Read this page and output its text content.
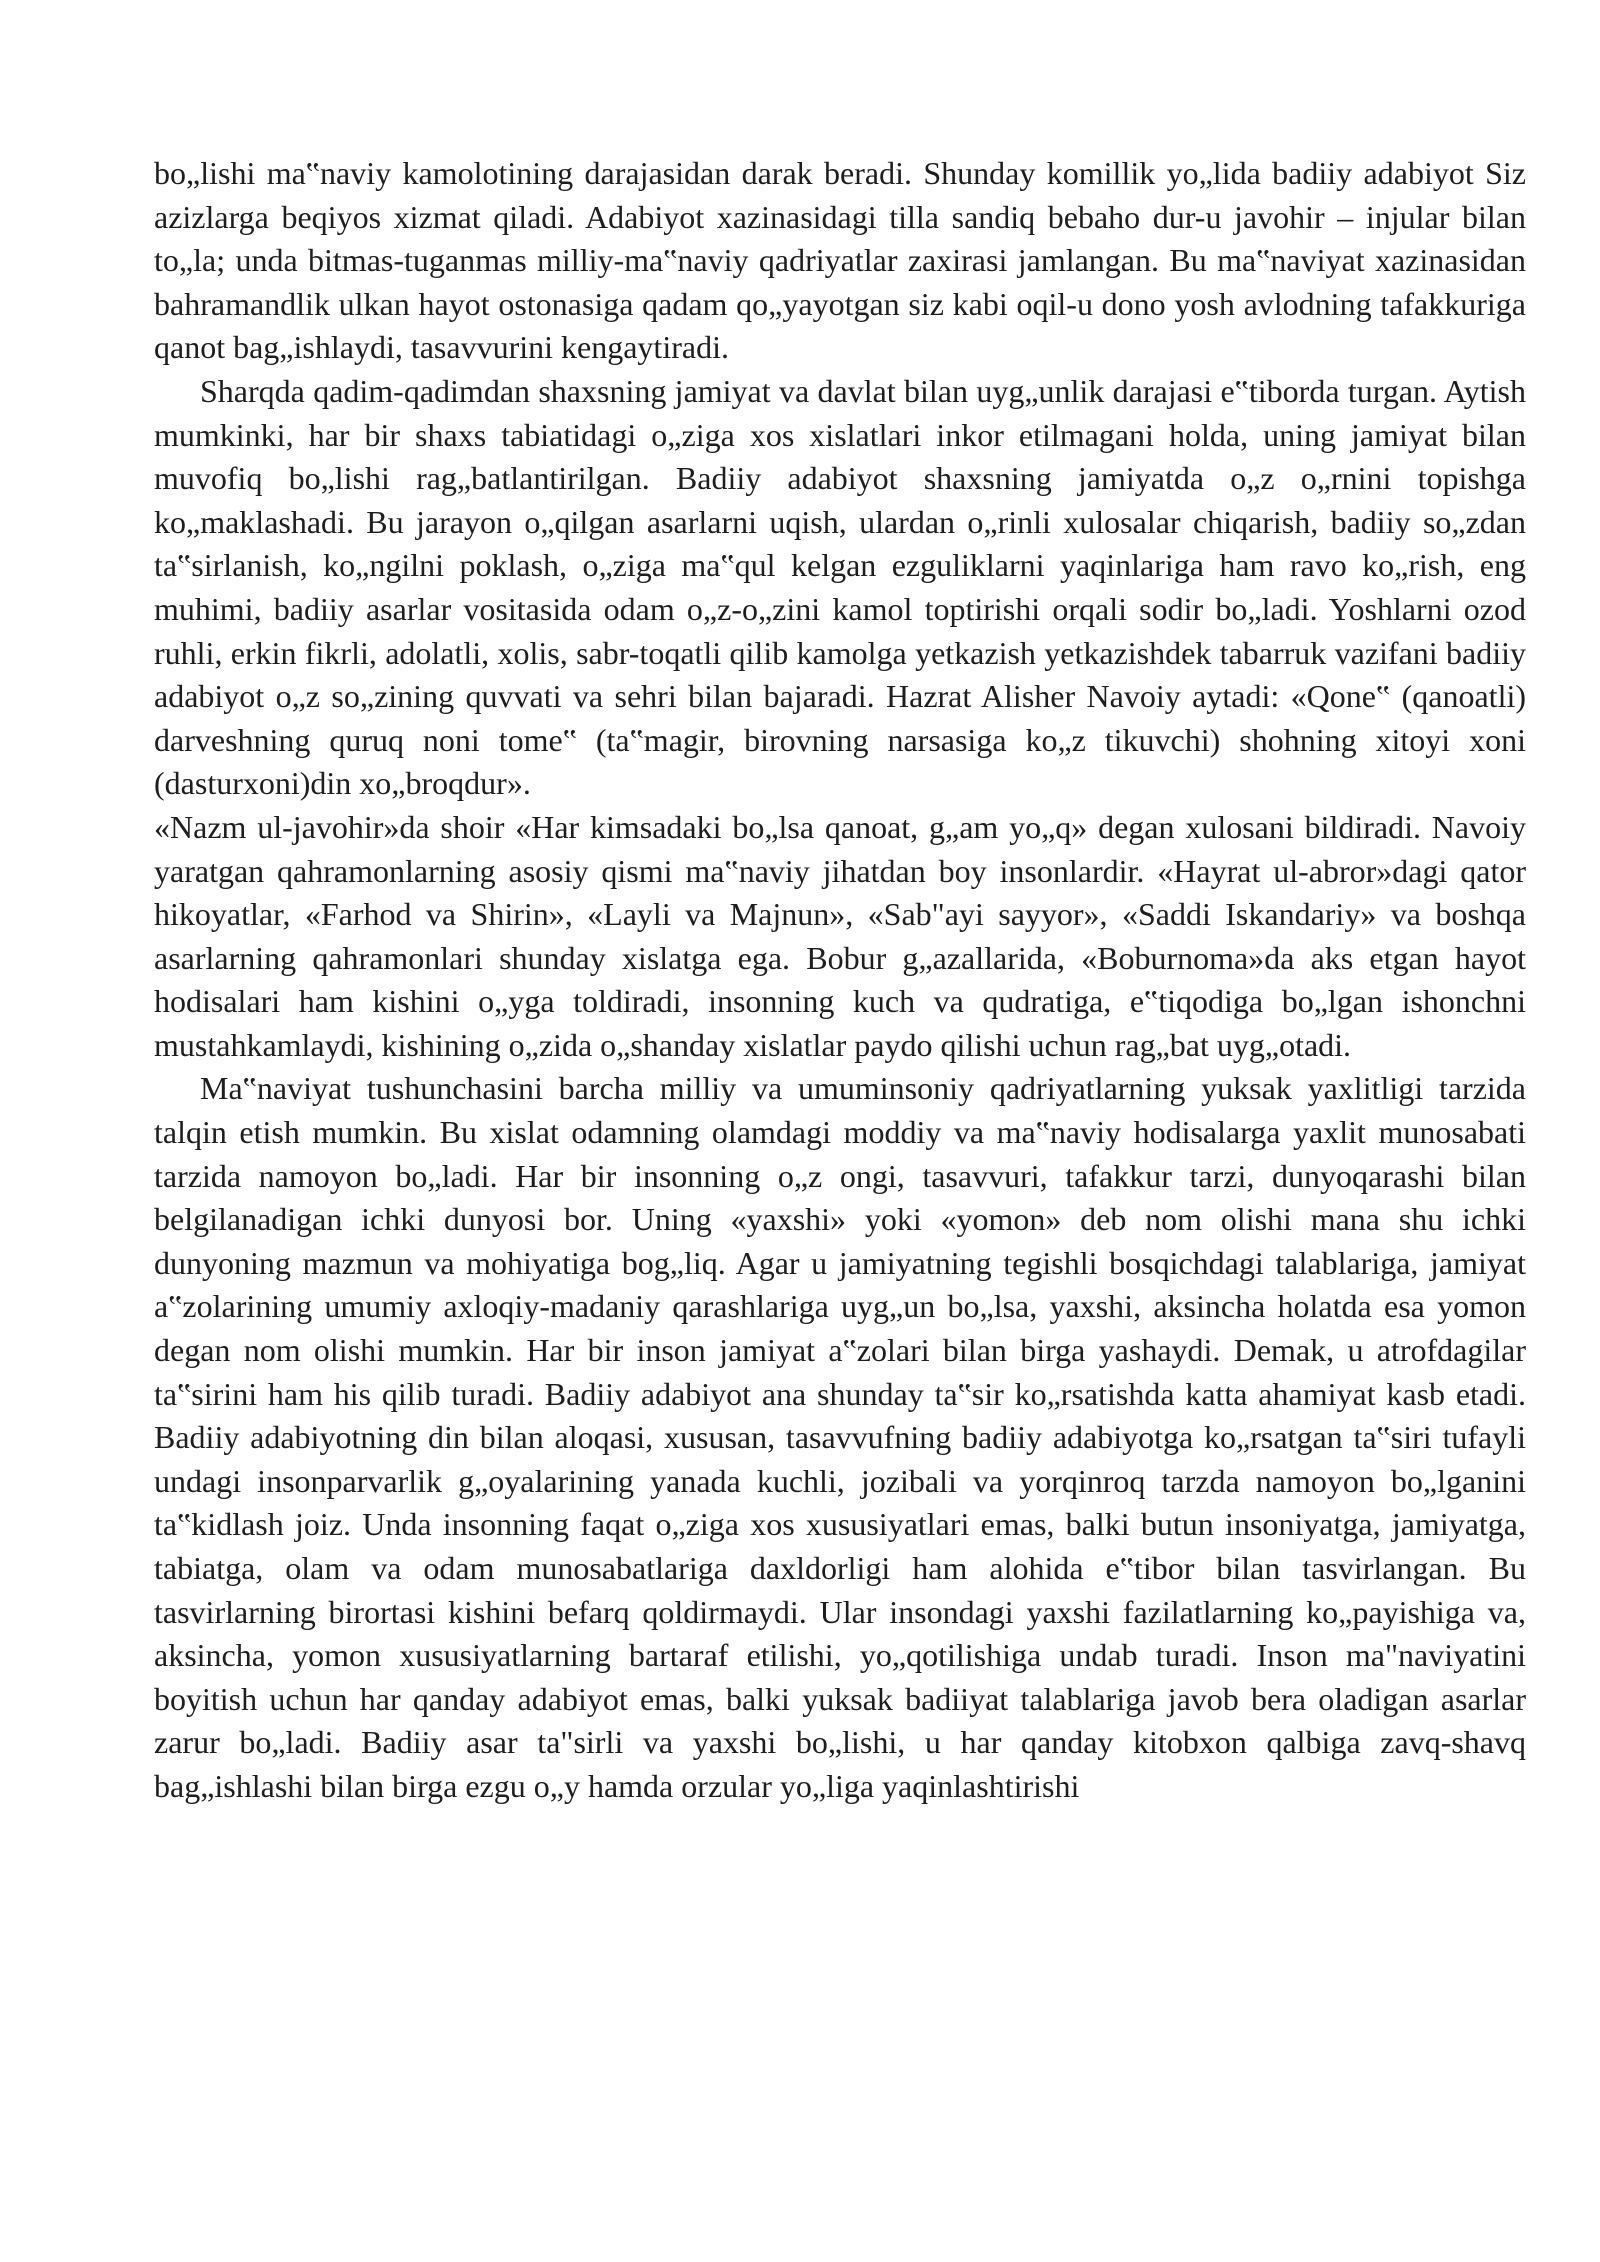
bo„lishi ma‟naviy kamolotining darajasidan darak beradi. Shunday komillik yo„lida badiiy adabiyot Siz azizlarga beqiyos xizmat qiladi. Adabiyot xazinasidagi tilla sandiq bebaho dur-u javohir – injular bilan to„la; unda bitmas-tuganmas milliy-ma‟naviy qadriyatlar zaxirasi jamlangan. Bu ma‟naviyat xazinasidan bahramandlik ulkan hayot ostonasiga qadam qo„yayotgan siz kabi oqil-u dono yosh avlodning tafakkuriga qanot bag„ishlaydi, tasavvurini kengaytiradi.

Sharqda qadim-qadimdan shaxsning jamiyat va davlat bilan uyg„unlik darajasi e‟tiborda turgan. Aytish mumkinki, har bir shaxs tabiatidagi o„ziga xos xislatlari inkor etilmagani holda, uning jamiyat bilan muvofiq bo„lishi rag„batlantirilgan. Badiiy adabiyot shaxsning jamiyatda o„z o„rnini topishga ko„maklashadi. Bu jarayon o„qilgan asarlarni uqish, ulardan o„rinli xulosalar chiqarish, badiiy so„zdan ta‟sirlanish, ko„ngilni poklash, o„ziga ma‟qul kelgan ezguliklarni yaqinlariga ham ravo ko„rish, eng muhimi, badiiy asarlar vositasida odam o„z-o„zini kamol toptirishi orqali sodir bo„ladi. Yoshlarni ozod ruhli, erkin fikrli, adolatli, xolis, sabr-toqatli qilib kamolga yetkazish yetkazishdek tabarruk vazifani badiiy adabiyot o„z so„zining quvvati va sehri bilan bajaradi. Hazrat Alisher Navoiy aytadi: «Qone‟ (qanoatli) darveshning quruq noni tome‟ (ta‟magir, birovning narsasiga ko„z tikuvchi) shohning xitoyi xoni (dasturxoni)din xo„broqdur».

«Nazm ul-javohir»da shoir «Har kimsadaki bo„lsa qanoat, g„am yo„q» degan xulosani bildiradi. Navoiy yaratgan qahramonlarning asosiy qismi ma‟naviy jihatdan boy insonlardir. «Hayrat ul-abror»dagi qator hikoyatlar, «Farhod va Shirin», «Layli va Majnun», «Sab"ayi sayyor», «Saddi Iskandariy» va boshqa asarlarning qahramonlari shunday xislatga ega. Bobur g„azallarida, «Boburnoma»da aks etgan hayot hodisalari ham kishini o„yga toldiradi, insonning kuch va qudratiga, e‟tiqodiga bo„lgan ishonchni mustahkamlaydi, kishining o„zida o„shanday xislatlar paydo qilishi uchun rag„bat uyg„otadi.

Ma‟naviyat tushunchasini barcha milliy va umuminsoniy qadriyatlarning yuksak yaxlitligi tarzida talqin etish mumkin. Bu xislat odamning olamdagi moddiy va ma‟naviy hodisalarga yaxlit munosabati tarzida namoyon bo„ladi. Har bir insonning o„z ongi, tasavvuri, tafakkur tarzi, dunyoqarashi bilan belgilanadigan ichki dunyosi bor. Uning «yaxshi» yoki «yomon» deb nom olishi mana shu ichki dunyoning mazmun va mohiyatiga bog„liq. Agar u jamiyatning tegishli bosqichdagi talablariga, jamiyat a‟zolarining umumiy axloqiy-madaniy qarashlariga uyg„un bo„lsa, yaxshi, aksincha holatda esa yomon degan nom olishi mumkin. Har bir inson jamiyat a‟zolari bilan birga yashaydi. Demak, u atrofdagilar ta‟sirini ham his qilib turadi. Badiiy adabiyot ana shunday ta‟sir ko„rsatishda katta ahamiyat kasb etadi. Badiiy adabiyotning din bilan aloqasi, xususan, tasavvufning badiiy adabiyotga ko„rsatgan ta‟siri tufayli undagi insonparvarlik g„oyalarining yanada kuchli, jozibali va yorqinroq tarzda namoyon bo„lganini ta‟kidlash joiz. Unda insonning faqat o„ziga xos xususiyatlari emas, balki butun insoniyatga, jamiyatga, tabiatga, olam va odam munosabatlariga daxldorligi ham alohida e‟tibor bilan tasvirlangan. Bu tasvirlarning birortasi kishini befarq qoldirmaydi. Ular insondagi yaxshi fazilatlarning ko„payishiga va, aksincha, yomon xususiyatlarning bartaraf etilishi, yo„qotilishiga undab turadi. Inson ma"naviyatini boyitish uchun har qanday adabiyot emas, balki yuksak badiiyat talablariga javob bera oladigan asarlar zarur bo„ladi. Badiiy asar ta"sirli va yaxshi bo„lishi, u har qanday kitobxon qalbiga zavq-shavq bag„ishlashi bilan birga ezgu o„y hamda orzular yo„liga yaqinlashtirishi
